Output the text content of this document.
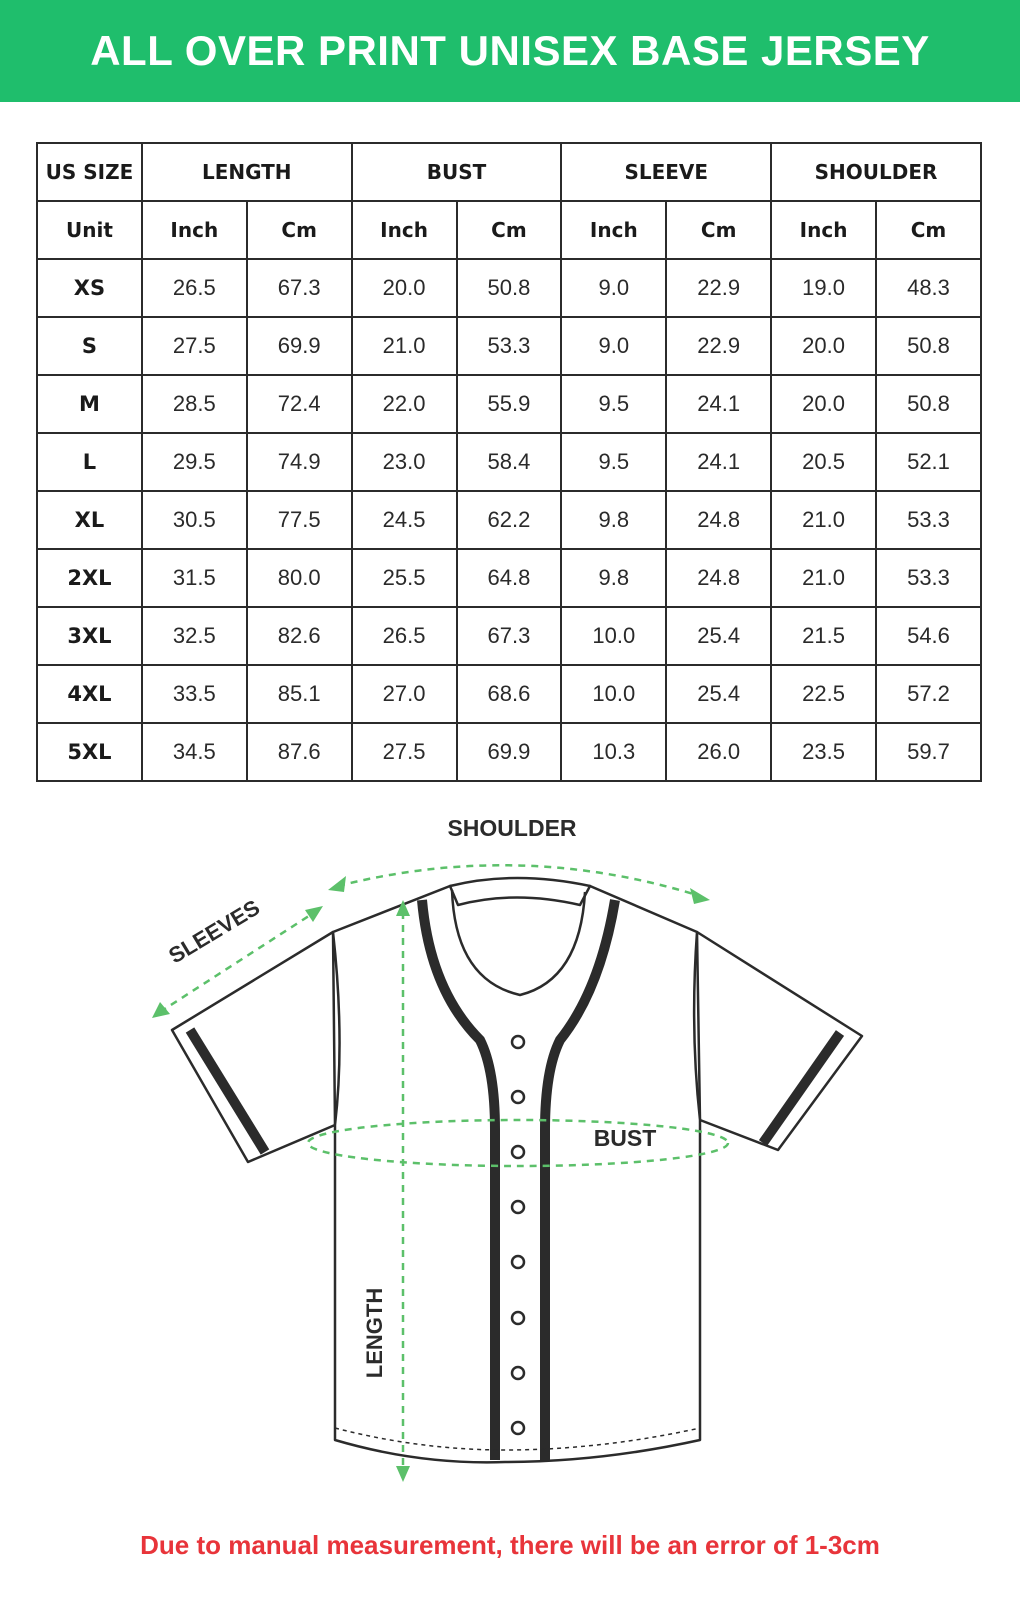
ALL OVER PRINT UNISEX BASE JERSEY
US SIZE	LENGTH		BUST		SLEEVE		SHOULDER	
Unit	Inch	Cm	Inch	Cm	Inch	Cm	Inch	Cm
XS	26.5	67.3	20.0	50.8	9.0	22.9	19.0	48.3
S	27.5	69.9	21.0	53.3	9.0	22.9	20.0	50.8
M	28.5	72.4	22.0	55.9	9.5	24.1	20.0	50.8
L	29.5	74.9	23.0	58.4	9.5	24.1	20.5	52.1
XL	30.5	77.5	24.5	62.2	9.8	24.8	21.0	53.3
2XL	31.5	80.0	25.5	64.8	9.8	24.8	21.0	53.3
3XL	32.5	82.6	26.5	67.3	10.0	25.4	21.5	54.6
4XL	33.5	85.1	27.0	68.6	10.0	25.4	22.5	57.2
5XL	34.5	87.6	27.5	69.9	10.3	26.0	23.5	59.7
SHOULDER
SLEEVES
BUST
LENGTH
Due to manual measurement, there will be an error of 1-3cm
